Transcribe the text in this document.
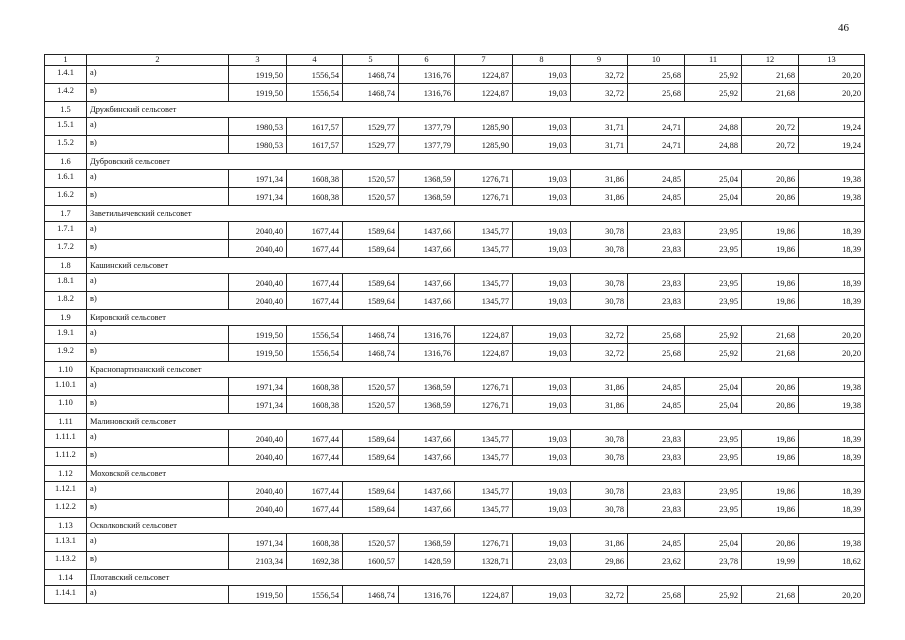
46
1	2	3	4	5	6	7	8	9	10	11	12	13
1.4.1	а)	1919,50	1556,54	1468,74	1316,76	1224,87	19,03	32,72	25,68	25,92	21,68	20,20
1.4.2	в)	1919,50	1556,54	1468,74	1316,76	1224,87	19,03	32,72	25,68	25,92	21,68	20,20
1.5	Дружбинский сельсовет											
1.5.1	а)	1980,53	1617,57	1529,77	1377,79	1285,90	19,03	31,71	24,71	24,88	20,72	19,24
1.5.2	в)	1980,53	1617,57	1529,77	1377,79	1285,90	19,03	31,71	24,71	24,88	20,72	19,24
1.6	Дубровский сельсовет											
1.6.1	а)	1971,34	1608,38	1520,57	1368,59	1276,71	19,03	31,86	24,85	25,04	20,86	19,38
1.6.2	в)	1971,34	1608,38	1520,57	1368,59	1276,71	19,03	31,86	24,85	25,04	20,86	19,38
1.7	Заветильичевский сельсовет											
1.7.1	а)	2040,40	1677,44	1589,64	1437,66	1345,77	19,03	30,78	23,83	23,95	19,86	18,39
1.7.2	в)	2040,40	1677,44	1589,64	1437,66	1345,77	19,03	30,78	23,83	23,95	19,86	18,39
1.8	Кашинский сельсовет											
1.8.1	а)	2040,40	1677,44	1589,64	1437,66	1345,77	19,03	30,78	23,83	23,95	19,86	18,39
1.8.2	в)	2040,40	1677,44	1589,64	1437,66	1345,77	19,03	30,78	23,83	23,95	19,86	18,39
1.9	Кировский сельсовет											
1.9.1	а)	1919,50	1556,54	1468,74	1316,76	1224,87	19,03	32,72	25,68	25,92	21,68	20,20
1.9.2	в)	1919,50	1556,54	1468,74	1316,76	1224,87	19,03	32,72	25,68	25,92	21,68	20,20
1.10	Краснопартизанский сельсовет											
1.10.1	а)	1971,34	1608,38	1520,57	1368,59	1276,71	19,03	31,86	24,85	25,04	20,86	19,38
1.10	в)	1971,34	1608,38	1520,57	1368,59	1276,71	19,03	31,86	24,85	25,04	20,86	19,38
1.11	Малиновский сельсовет											
1.11.1	а)	2040,40	1677,44	1589,64	1437,66	1345,77	19,03	30,78	23,83	23,95	19,86	18,39
1.11.2	в)	2040,40	1677,44	1589,64	1437,66	1345,77	19,03	30,78	23,83	23,95	19,86	18,39
1.12	Моховской сельсовет											
1.12.1	а)	2040,40	1677,44	1589,64	1437,66	1345,77	19,03	30,78	23,83	23,95	19,86	18,39
1.12.2	в)	2040,40	1677,44	1589,64	1437,66	1345,77	19,03	30,78	23,83	23,95	19,86	18,39
1.13	Осколковский сельсовет											
1.13.1	а)	1971,34	1608,38	1520,57	1368,59	1276,71	19,03	31,86	24,85	25,04	20,86	19,38
1.13.2	в)	2103,34	1692,38	1600,57	1428,59	1328,71	23,03	29,86	23,62	23,78	19,99	18,62
1.14	Плотавский сельсовет											
1.14.1	а)	1919,50	1556,54	1468,74	1316,76	1224,87	19,03	32,72	25,68	25,92	21,68	20,20
